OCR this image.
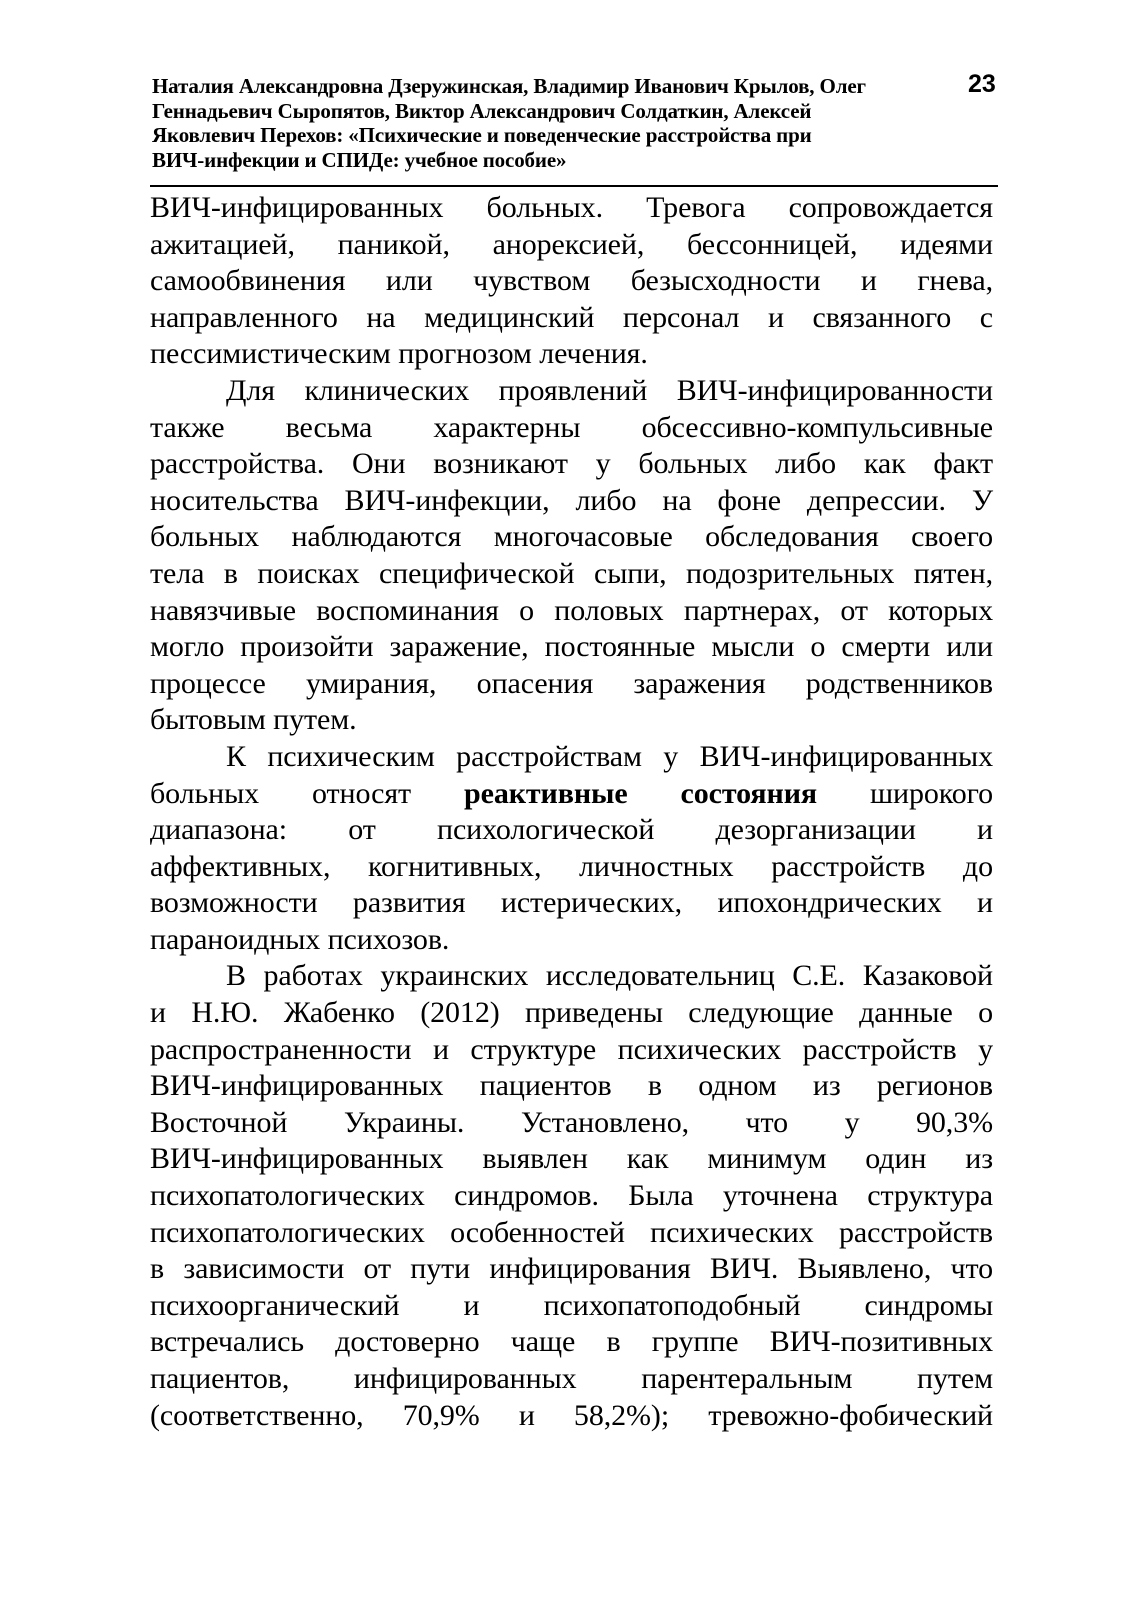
Наталия Александровна Дзеружинская, Владимир Иванович Крылов, Олег
Геннадьевич Сыропятов, Виктор Александрович Солдаткин, Алексей
Яковлевич Перехов: «Психические и поведенческие расстройства при
ВИЧ-инфекции и СПИДе: учебное пособие»
23
ВИЧ-инфицированных больных. Тревога сопровождается
ажитацией, паникой, анорексией, бессонницей, идеями
самообвинения или чувством безысходности и гнева,
направленного на медицинский персонал и связанного с
пессимистическим прогнозом лечения.
Для клинических проявлений ВИЧ-инфицированности
также весьма характерны обсессивно-компульсивные
расстройства. Они возникают у больных либо как факт
носительства ВИЧ-инфекции, либо на фоне депрессии. У
больных наблюдаются многочасовые обследования своего
тела в поисках специфической сыпи, подозрительных пятен,
навязчивые воспоминания о половых партнерах, от которых
могло произойти заражение, постоянные мысли о смерти или
процессе умирания, опасения заражения родственников
бытовым путем.
К психическим расстройствам у ВИЧ-инфицированных
больных относят реактивные состояния широкого
диапазона: от психологической дезорганизации и
аффективных, когнитивных, личностных расстройств до
возможности развития истерических, ипохондрических и
параноидных психозов.
В работах украинских исследовательниц С.Е. Казаковой
и Н.Ю. Жабенко (2012) приведены следующие данные о
распространенности и структуре психических расстройств у
ВИЧ-инфицированных пациентов в одном из регионов
Восточной Украины. Установлено, что у 90,3%
ВИЧ-инфицированных выявлен как минимум один из
психопатологических синдромов. Была уточнена структура
психопатологических особенностей психических расстройств
в зависимости от пути инфицирования ВИЧ. Выявлено, что
психоорганический и психопатоподобный синдромы
встречались достоверно чаще в группе ВИЧ-позитивных
пациентов, инфицированных парентеральным путем
(соответственно, 70,9% и 58,2%); тревожно-фобический
